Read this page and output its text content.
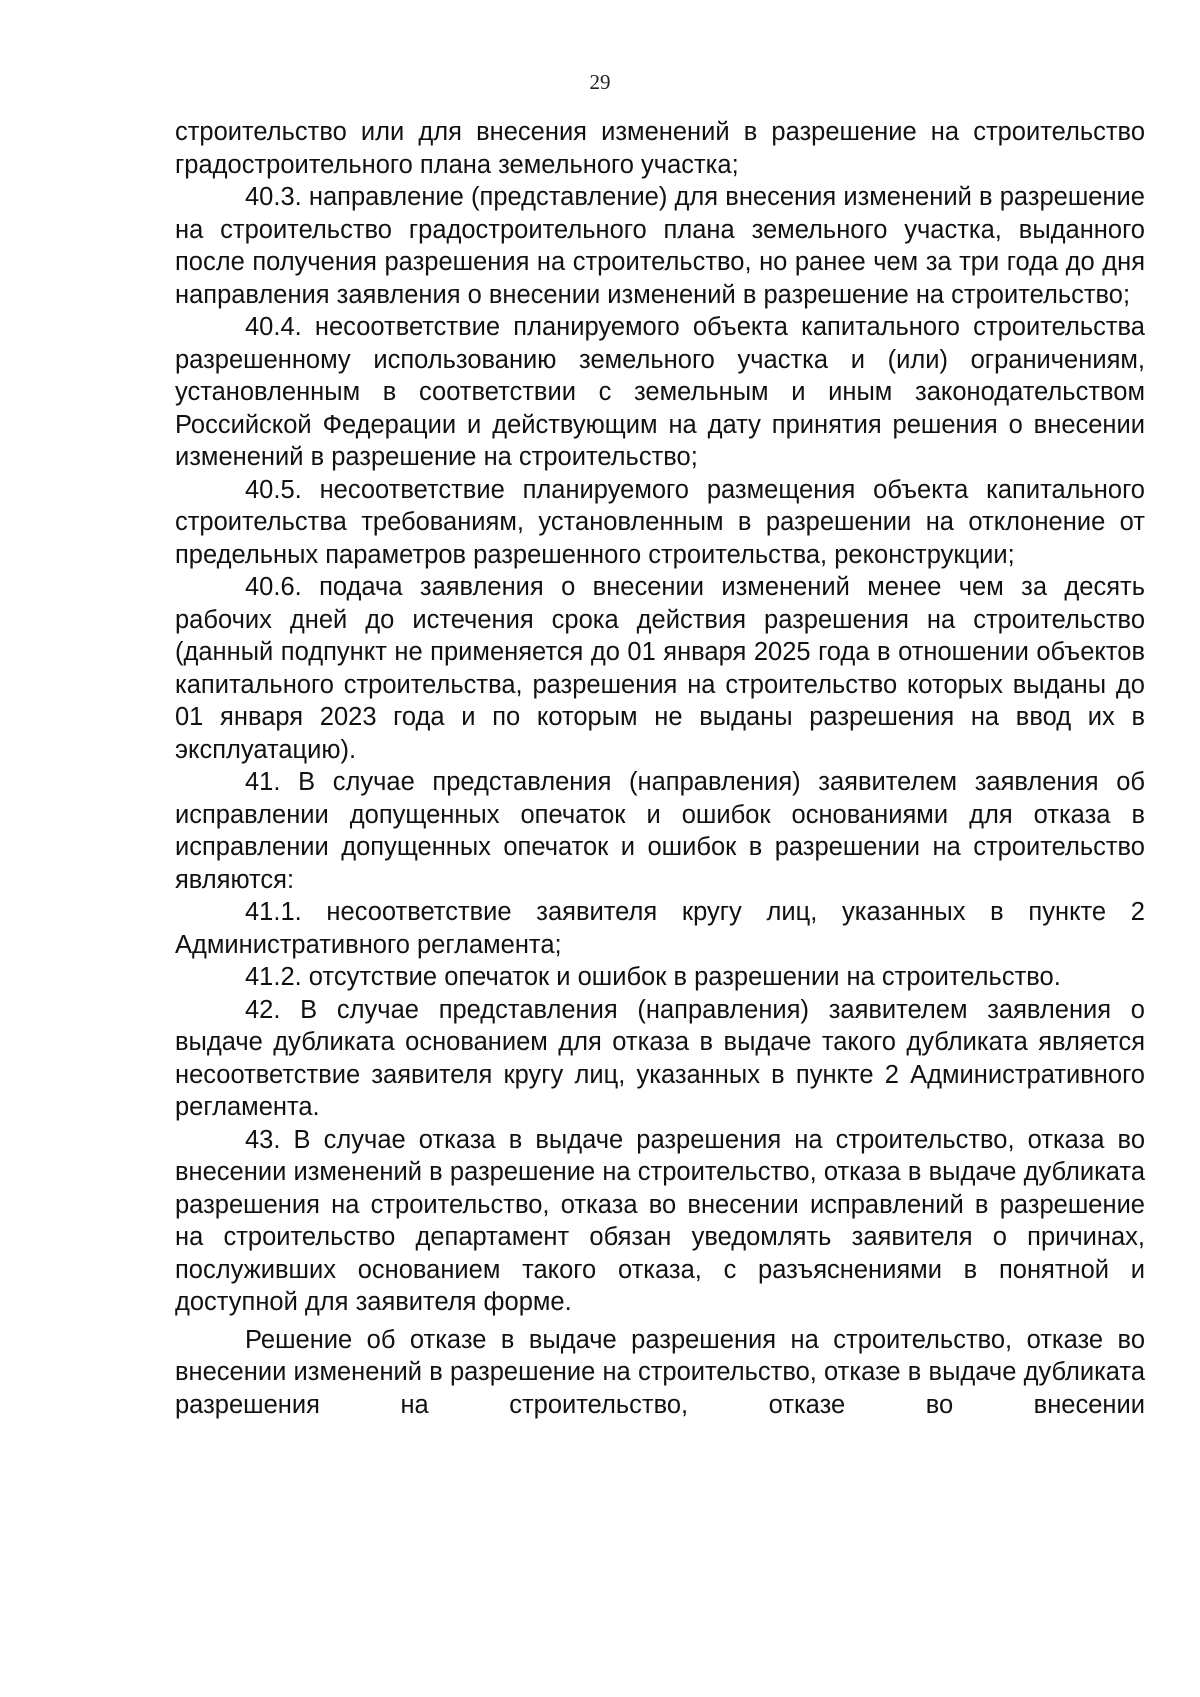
29

строительство или для внесения изменений в разрешение на строительство градостроительного плана земельного участка;

40.3. направление (представление) для внесения изменений в разрешение на строительство градостроительного плана земельного участка, выданного после получения разрешения на строительство, но ранее чем за три года до дня направления заявления о внесении изменений в разрешение на строительство;

40.4. несоответствие планируемого объекта капитального строительства разрешенному использованию земельного участка и (или) ограничениям, установленным в соответствии с земельным и иным законодательством Российской Федерации и действующим на дату принятия решения о внесении изменений в разрешение на строительство;

40.5. несоответствие планируемого размещения объекта капитального строительства требованиям, установленным в разрешении на отклонение от предельных параметров разрешенного строительства, реконструкции;

40.6. подача заявления о внесении изменений менее чем за десять рабочих дней до истечения срока действия разрешения на строительство (данный подпункт не применяется до 01 января 2025 года в отношении объектов капитального строительства, разрешения на строительство которых выданы до 01 января 2023 года и по которым не выданы разрешения на ввод их в эксплуатацию).

41. В случае представления (направления) заявителем заявления об исправлении допущенных опечаток и ошибок основаниями для отказа в исправлении допущенных опечаток и ошибок в разрешении на строительство являются:

41.1. несоответствие заявителя кругу лиц, указанных в пункте 2 Административного регламента;

41.2. отсутствие опечаток и ошибок в разрешении на строительство.

42. В случае представления (направления) заявителем заявления о выдаче дубликата основанием для отказа в выдаче такого дубликата является несоответствие заявителя кругу лиц, указанных в пункте 2 Административного регламента.

43. В случае отказа в выдаче разрешения на строительство, отказа во внесении изменений в разрешение на строительство, отказа в выдаче дубликата разрешения на строительство, отказа во внесении исправлений в разрешение на строительство департамент обязан уведомлять заявителя о причинах, послуживших основанием такого отказа, с разъяснениями в понятной и доступной для заявителя форме.

Решение об отказе в выдаче разрешения на строительство, отказе во внесении изменений в разрешение на строительство, отказе в выдаче дубликата разрешения на строительство, отказе во внесении
